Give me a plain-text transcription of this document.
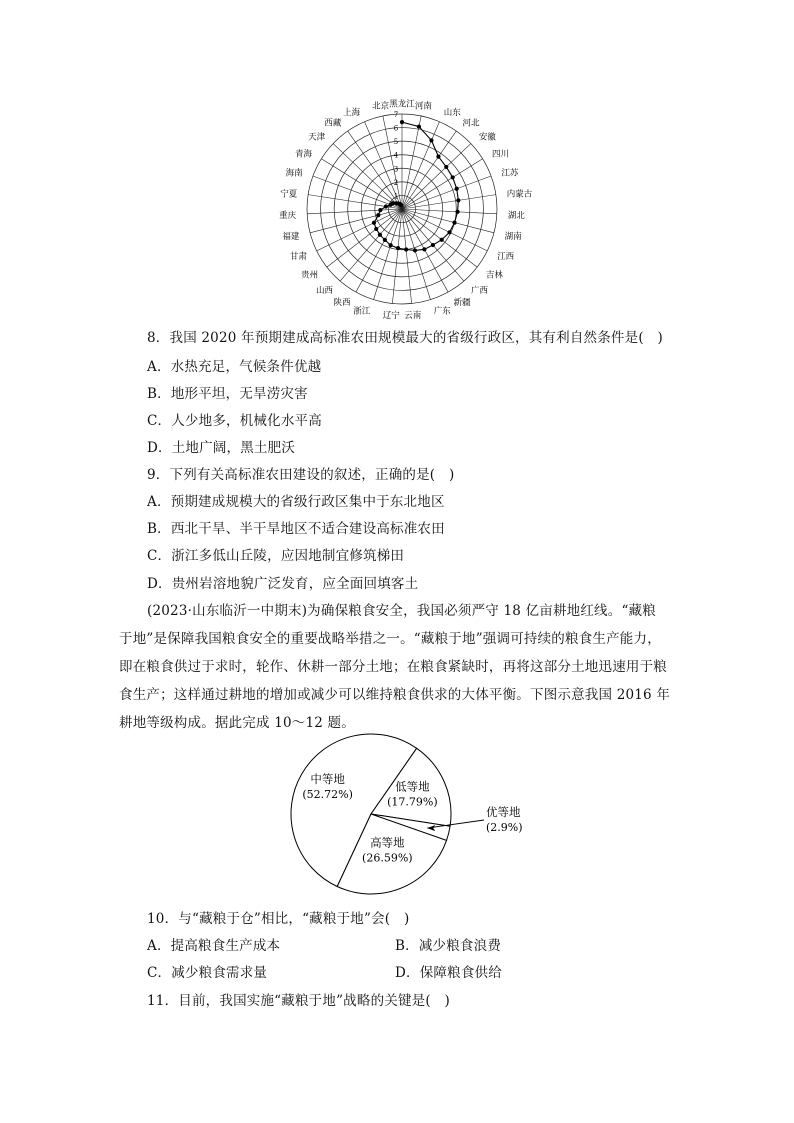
1
2
3
4
5
6
7
黑龙江 河南
山东
河北
安徽
四川
江苏
内蒙古
湖北
湖南
江西
吉林
广西
新疆
广东
云南
辽宁
浙江
陕西
山西
贵州
甘肃
福建
重庆
宁夏
海南
青海
天津
西藏
上海
北京
8．我国 2020 年预期建成高标准农田规模最大的省级行政区，其有利自然条件是(　)
A．水热充足，气候条件优越
B．地形平坦，无旱涝灾害
C．人少地多，机械化水平高
D．土地广阔，黑土肥沃
9．下列有关高标准农田建设的叙述，正确的是(　)
A．预期建成规模大的省级行政区集中于东北地区
B．西北干旱、半干旱地区不适合建设高标准农田
C．浙江多低山丘陵，应因地制宜修筑梯田
D．贵州岩溶地貌广泛发育，应全面回填客土
(2023·山东临沂一中期末)为确保粮食安全，我国必须严守 18 亿亩耕地红线。“藏粮
于地”是保障我国粮食安全的重要战略举措之一。“藏粮于地”强调可持续的粮食生产能力，
即在粮食供过于求时，轮作、休耕一部分土地；在粮食紧缺时，再将这部分土地迅速用于粮
食生产；这样通过耕地的增加或减少可以维持粮食供求的大体平衡。下图示意我国 2016 年
耕地等级构成。据此完成 10～12 题。
中等地
(52.72%)
低等地
(17.79%)
优等地
(2.9%)
高等地
(26.59%)
10．与“藏粮于仓”相比，“藏粮于地”会(　)
A．提高粮食生产成本	B．减少粮食浪费
C．减少粮食需求量	D．保障粮食供给
11．目前，我国实施“藏粮于地”战略的关键是(　)
